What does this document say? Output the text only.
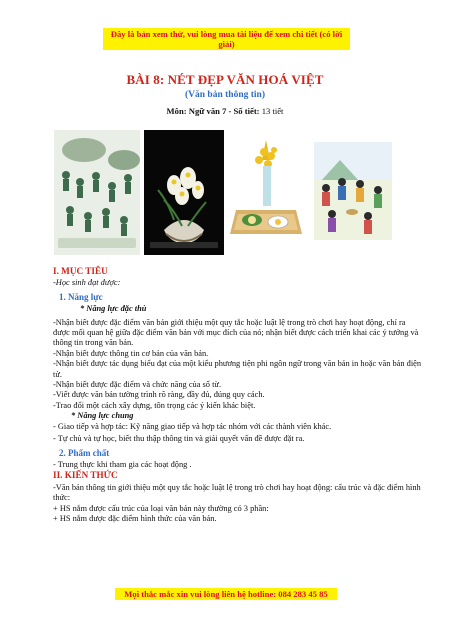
Đây là bản xem thử, vui lòng mua tài liệu để xem chi tiết (có lời giải)
BÀI 8: NÉT ĐẸP VĂN HOÁ VIỆT
(Văn bản thông tin)
Môn: Ngữ văn 7 - Số tiết: 13 tiết
I. MỤC TIÊU

-Học sinh đạt được:

1. Năng lực
* Năng lực đặc thù

-Nhận biết được đặc điểm văn bản giới thiệu một quy tắc hoặc luật lệ trong trò chơi hay hoạt động, chỉ ra được mối quan hệ giữa đặc điểm văn bản với mục đích của nó; nhận biết được cách triển khai các ý tưởng và thông tin trong văn bản.

-Nhận biết được thông tin cơ bản của văn bản.

-Nhận biết được tác dụng biểu đạt của một kiểu phương tiện phi ngôn ngữ trong văn bản in hoặc văn bản điện tử.

-Nhận biết được đặc điểm và chức năng của số từ.

-Viết được văn bản tường trình rõ ràng, đầy đủ, đúng quy cách.

-Trao đổi một cách xây dựng, tôn trọng các ý kiến khác biệt.

* Năng lực chung

- Giao tiếp và hợp tác: Kỹ năng giao tiếp và hợp tác nhóm với các thành viên khác.

- Tự chủ và tự học, biết thu thập thông tin và giải quyết vấn đề được đặt ra.

2. Phẩm chất

- Trung thực khi tham gia các hoạt động .

II. KIẾN THỨC

-Văn bản thông tin giới thiệu một quy tắc hoặc luật lệ trong trò chơi hay hoạt động: cấu trúc và đặc điểm hình thức:

+ HS nắm được cấu trúc của loại văn bản này thường có 3 phần:

+ HS nắm được đặc điểm hình thức của văn bản.

Mọi thắc mắc xin vui lòng liên hệ hotline: 084 283 45 85
